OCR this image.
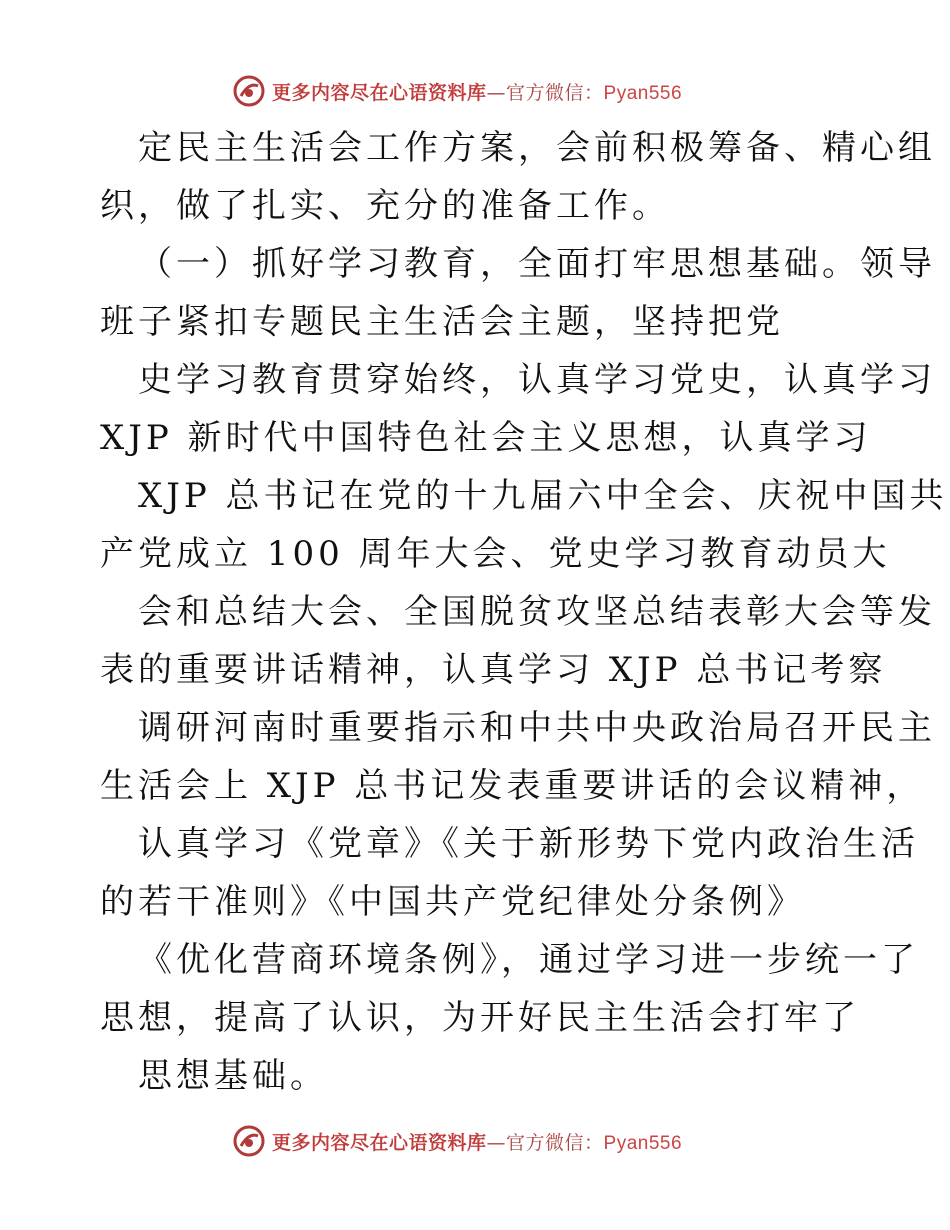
更多内容尽在心语资料库—官方微信：Pyan556
定民主生活会工作方案，会前积极筹备、精心组
织，做了扎实、充分的准备工作。
（一）抓好学习教育，全面打牢思想基础。领导
班子紧扣专题民主生活会主题，坚持把党
史学习教育贯穿始终，认真学习党史，认真学习
XJP 新时代中国特色社会主义思想，认真学习
XJP 总书记在党的十九届六中全会、庆祝中国共
产党成立 100 周年大会、党史学习教育动员大
会和总结大会、全国脱贫攻坚总结表彰大会等发
表的重要讲话精神，认真学习 XJP 总书记考察
调研河南时重要指示和中共中央政治局召开民主
生活会上 XJP 总书记发表重要讲话的会议精神，
认真学习《党章》《关于新形势下党内政治生活
的若干准则》《中国共产党纪律处分条例》
《优化营商环境条例》，通过学习进一步统一了
思想，提高了认识，为开好民主生活会打牢了
思想基础。
更多内容尽在心语资料库—官方微信：Pyan556
